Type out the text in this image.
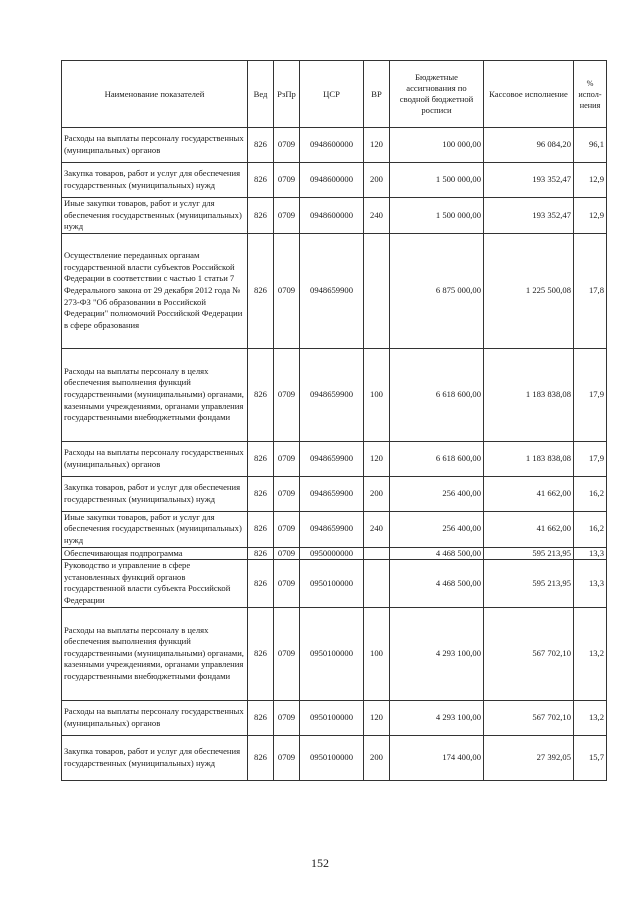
Наименование показателей	Вед	РзПр	ЦСР	ВР	Бюджетные ассигнования по сводной бюджетной росписи	Кассовое исполнение	% испол-нения
Расходы на выплаты персоналу государственных (муниципальных) органов	826	0709	0948600000	120	100 000,00	96 084,20	96,1
Закупка товаров, работ и услуг для обеспечения государственных (муниципальных) нужд	826	0709	0948600000	200	1 500 000,00	193 352,47	12,9
Иные закупки товаров, работ и услуг для обеспечения государственных (муниципальных) нужд	826	0709	0948600000	240	1 500 000,00	193 352,47	12,9
Осуществление переданных органам государственной власти субъектов Российской Федерации в соответствии с частью 1 статьи 7 Федерального закона от 29 декабря 2012 года № 273-ФЗ "Об образовании в Российской Федерации" полномочий Российской Федерации в сфере образования	826	0709	0948659900		6 875 000,00	1 225 500,08	17,8
Расходы на выплаты персоналу в целях обеспечения выполнения функций государственными (муниципальными) органами, казенными учреждениями, органами управления государственными внебюджетными фондами	826	0709	0948659900	100	6 618 600,00	1 183 838,08	17,9
Расходы на выплаты персоналу государственных (муниципальных) органов	826	0709	0948659900	120	6 618 600,00	1 183 838,08	17,9
Закупка товаров, работ и услуг для обеспечения государственных (муниципальных) нужд	826	0709	0948659900	200	256 400,00	41 662,00	16,2
Иные закупки товаров, работ и услуг для обеспечения государственных (муниципальных) нужд	826	0709	0948659900	240	256 400,00	41 662,00	16,2
Обеспечивающая подпрограмма	826	0709	0950000000		4 468 500,00	595 213,95	13,3
Руководство и управление в сфере установленных функций органов государственной власти субъекта Российской Федерации	826	0709	0950100000		4 468 500,00	595 213,95	13,3
Расходы на выплаты персоналу в целях обеспечения выполнения функций государственными (муниципальными) органами, казенными учреждениями, органами управления государственными внебюджетными фондами	826	0709	0950100000	100	4 293 100,00	567 702,10	13,2
Расходы на выплаты персоналу государственных (муниципальных) органов	826	0709	0950100000	120	4 293 100,00	567 702,10	13,2
Закупка товаров, работ и услуг для обеспечения государственных (муниципальных) нужд	826	0709	0950100000	200	174 400,00	27 392,05	15,7
152
